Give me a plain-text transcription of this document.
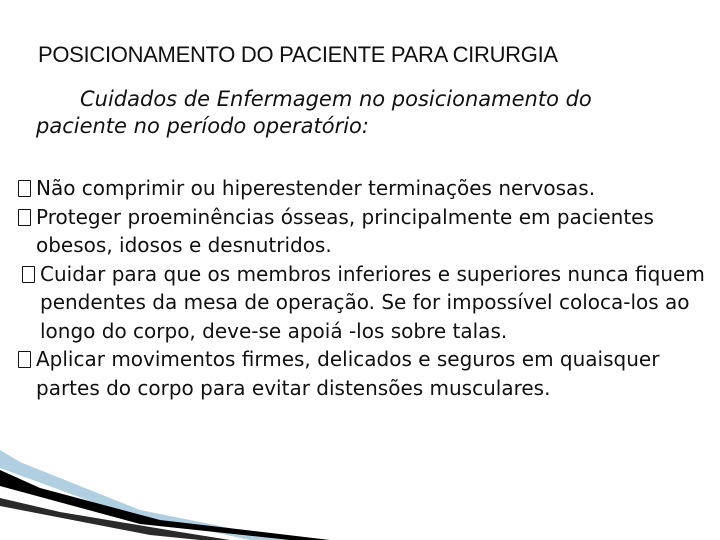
POSICIONAMENTO DO PACIENTE PARA CIRURGIA
Cuidados de Enfermagem no posicionamento do paciente no período operatório:
Não comprimir ou hiperestender terminações nervosas.
Proteger proeminências ósseas, principalmente em pacientes obesos, idosos e desnutridos.
Cuidar para que os membros inferiores e superiores nunca fiquem pendentes da mesa de operação. Se for impossível coloca-los ao longo do corpo, deve-se apoiá -los sobre talas.
Aplicar movimentos firmes, delicados e seguros em quaisquer partes do corpo para evitar distensões musculares.
